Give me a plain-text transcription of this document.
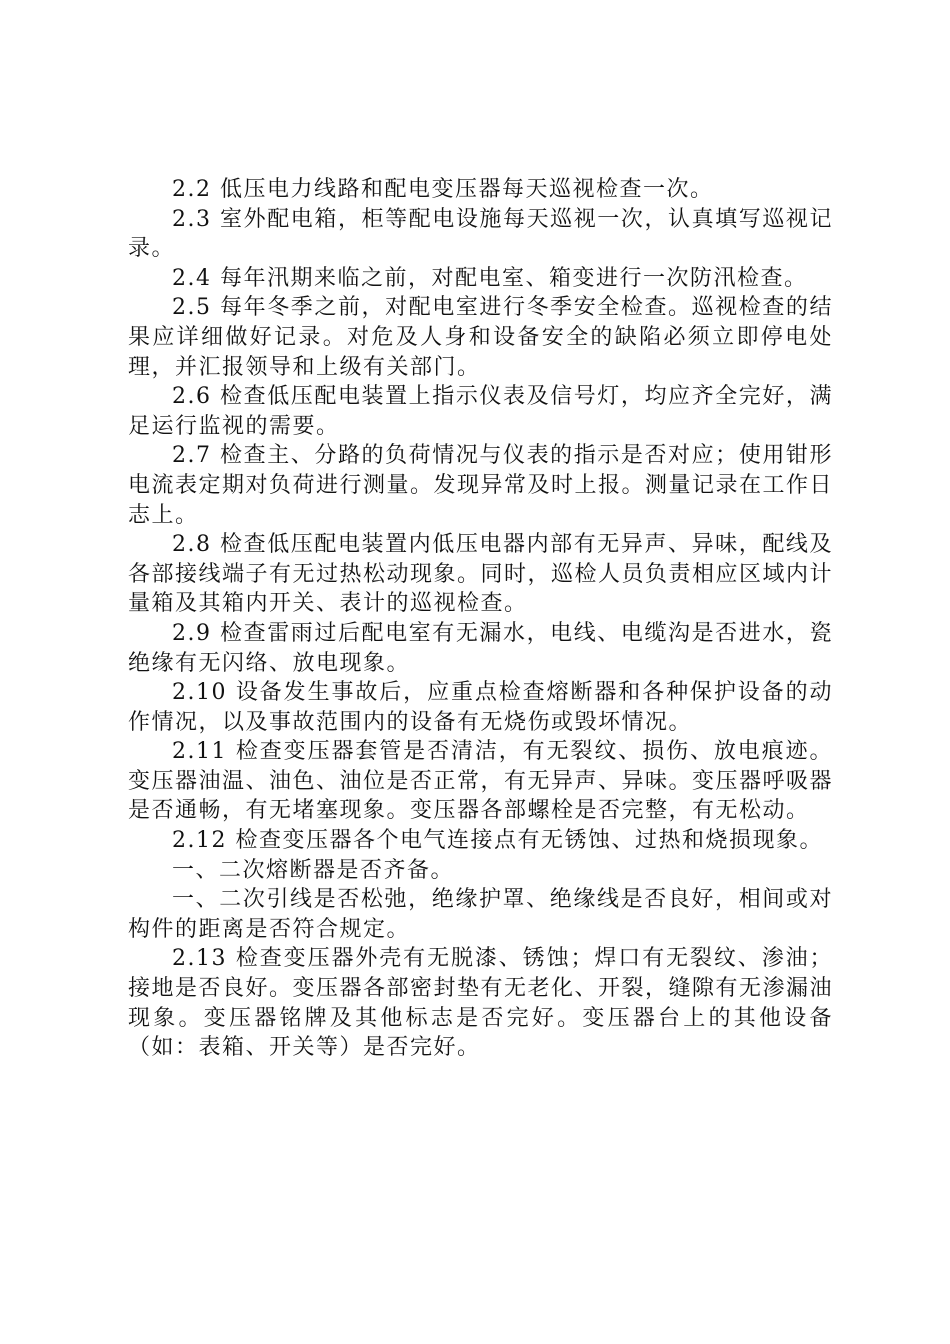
2.2 低压电力线路和配电变压器每天巡视检查一次。

2.3 室外配电箱，柜等配电设施每天巡视一次，认真填写巡视记录。

2.4 每年汛期来临之前，对配电室、箱变进行一次防汛检查。

2.5 每年冬季之前，对配电室进行冬季安全检查。巡视检查的结果应详细做好记录。对危及人身和设备安全的缺陷必须立即停电处理，并汇报领导和上级有关部门。

2.6 检查低压配电装置上指示仪表及信号灯，均应齐全完好，满足运行监视的需要。

2.7 检查主、分路的负荷情况与仪表的指示是否对应；使用钳形电流表定期对负荷进行测量。发现异常及时上报。测量记录在工作日志上。

2.8 检查低压配电装置内低压电器内部有无异声、异味，配线及各部接线端子有无过热松动现象。同时，巡检人员负责相应区域内计量箱及其箱内开关、表计的巡视检查。

2.9 检查雷雨过后配电室有无漏水，电线、电缆沟是否进水，瓷绝缘有无闪络、放电现象。

2.10 设备发生事故后，应重点检查熔断器和各种保护设备的动作情况，以及事故范围内的设备有无烧伤或毁坏情况。

2.11 检查变压器套管是否清洁，有无裂纹、损伤、放电痕迹。变压器油温、油色、油位是否正常，有无异声、异味。变压器呼吸器是否通畅，有无堵塞现象。变压器各部螺栓是否完整，有无松动。

2.12 检查变压器各个电气连接点有无锈蚀、过热和烧损现象。

一、二次熔断器是否齐备。

一、二次引线是否松弛，绝缘护罩、绝缘线是否良好，相间或对构件的距离是否符合规定。

2.13 检查变压器外壳有无脱漆、锈蚀；焊口有无裂纹、渗油；接地是否良好。变压器各部密封垫有无老化、开裂，缝隙有无渗漏油现象。变压器铭牌及其他标志是否完好。变压器台上的其他设备（如：表箱、开关等）是否完好。
